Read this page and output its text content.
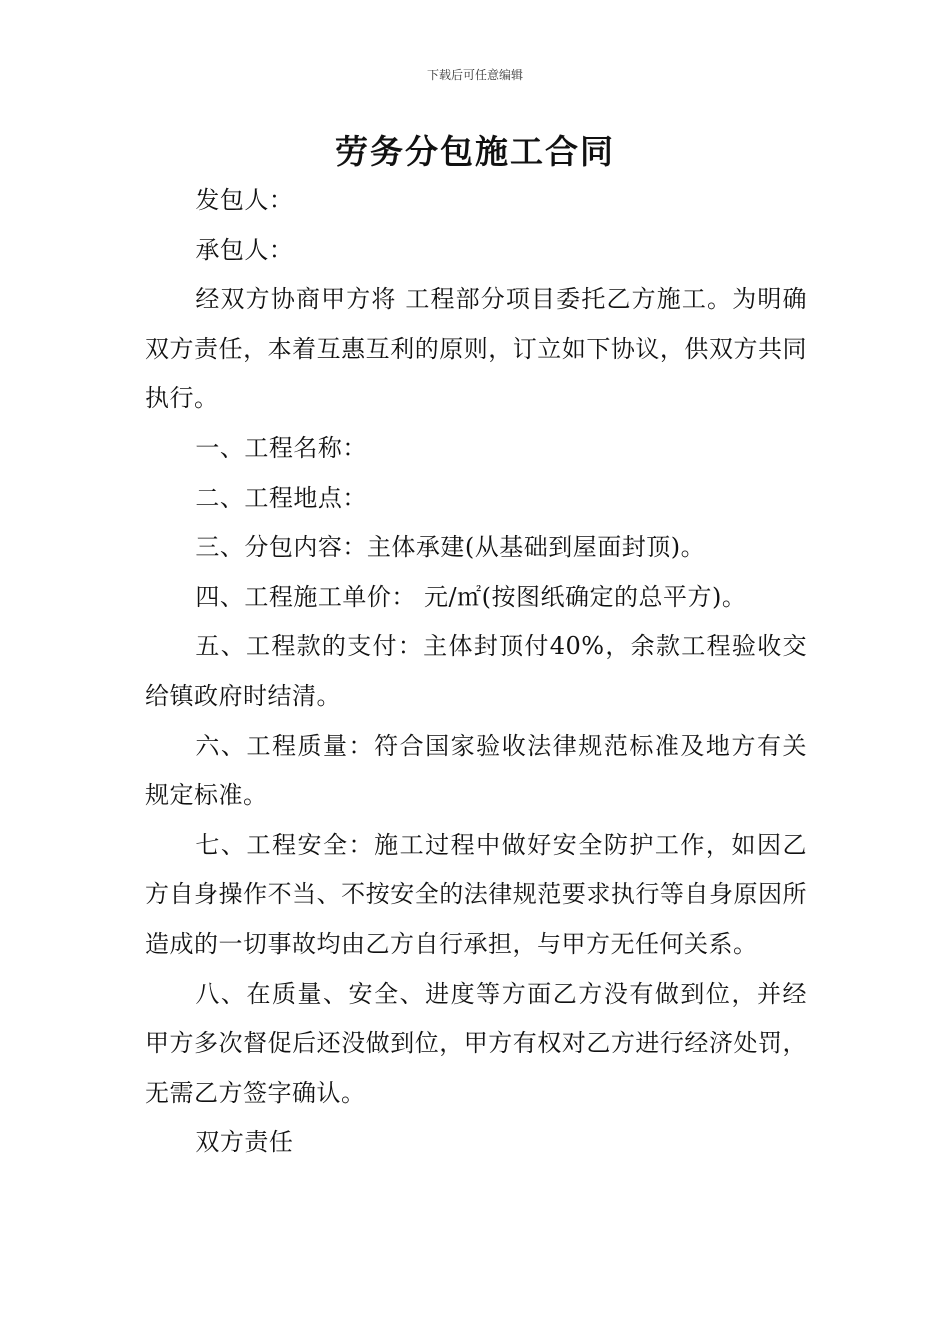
下载后可任意编辑
劳务分包施工合同

发包人：

承包人：

经双方协商甲方将 工程部分项目委托乙方施工。为明确双方责任，本着互惠互利的原则，订立如下协议，供双方共同执行。

一、工程名称：

二、工程地点：

三、分包内容：主体承建(从基础到屋面封顶)。

四、工程施工单价： 元/㎡(按图纸确定的总平方)。

五、工程款的支付：主体封顶付40%，余款工程验收交给镇政府时结清。

六、工程质量：符合国家验收法律规范标准及地方有关规定标准。

七、工程安全：施工过程中做好安全防护工作，如因乙方自身操作不当、不按安全的法律规范要求执行等自身原因所造成的一切事故均由乙方自行承担，与甲方无任何关系。

八、在质量、安全、进度等方面乙方没有做到位，并经甲方多次督促后还没做到位，甲方有权对乙方进行经济处罚，无需乙方签字确认。

双方责任
